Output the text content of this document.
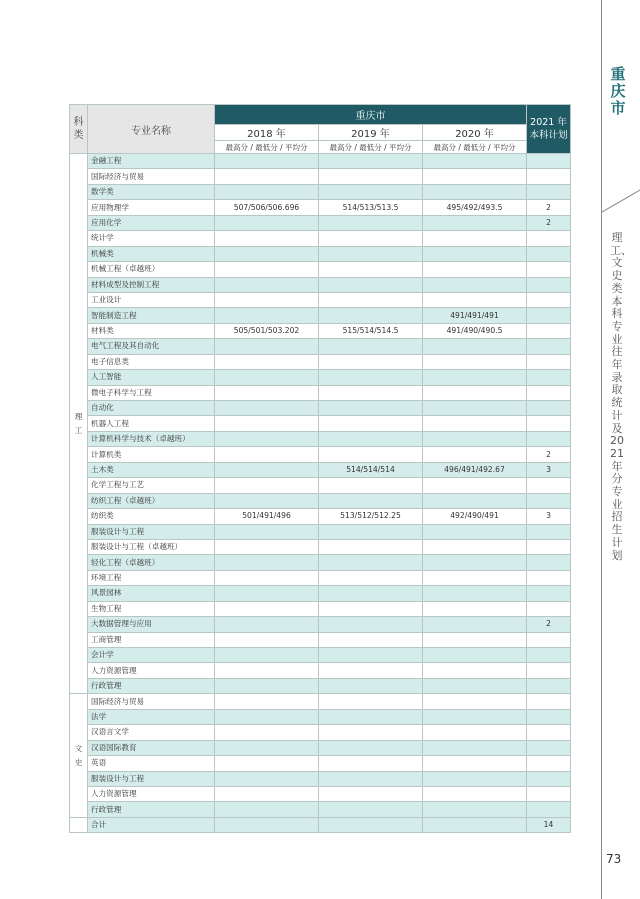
重庆市
理工、文史类本科专业往年录取统计及2021年分专业招生计划
73
科类	专业名称	重庆市			2021 年
本科计划

		2018 年	2019 年	2020 年	
		最高分 / 最低分 / 平均分	最高分 / 最低分 / 平均分	最高分 / 最低分 / 平均分	
理工	金融工程				
	国际经济与贸易				
	数学类				
	应用物理学	507/506/506.696	514/513/513.5	495/492/493.5	2
	应用化学				2
	统计学				
	机械类				
	机械工程（卓越班）				
	材料成型及控制工程				
	工业设计				
	智能制造工程			491/491/491	
	材料类	505/501/503.202	515/514/514.5	491/490/490.5	
	电气工程及其自动化				
	电子信息类				
	人工智能				
	微电子科学与工程				
	自动化				
	机器人工程				
	计算机科学与技术（卓越班）				
	计算机类				2
	土木类		514/514/514	496/491/492.67	3
	化学工程与工艺				
	纺织工程（卓越班）				
	纺织类	501/491/496	513/512/512.25	492/490/491	3
	服装设计与工程				
	服装设计与工程（卓越班）				
	轻化工程（卓越班）				
	环境工程				
	风景园林				
	生物工程				
	大数据管理与应用				2
	工商管理				
	会计学				
	人力资源管理				
	行政管理				
文史	国际经济与贸易				
	法学				
	汉语言文学				
	汉语国际教育				
	英语				
	服装设计与工程				
	人力资源管理				
	行政管理				
	合计				14
